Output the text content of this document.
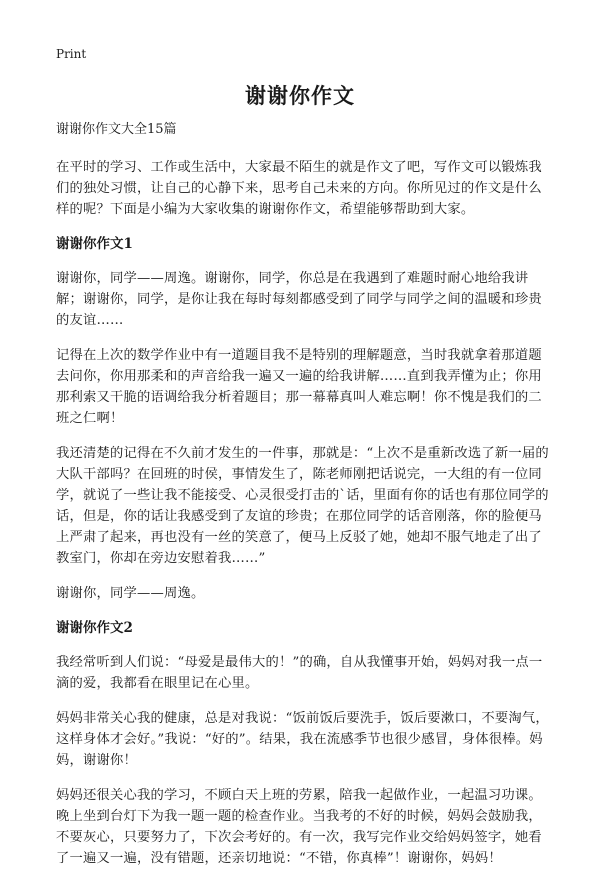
Print
谢谢你作文
谢谢你作文大全15篇

在平时的学习、工作或生活中，大家最不陌生的就是作文了吧，写作文可以锻炼我们的独处习惯，让自己的心静下来，思考自己未来的方向。你所见过的作文是什么样的呢？下面是小编为大家收集的谢谢你作文，希望能够帮助到大家。

谢谢你作文1

谢谢你，同学——周逸。谢谢你，同学，你总是在我遇到了难题时耐心地给我讲解；谢谢你，同学，是你让我在每时每刻都感受到了同学与同学之间的温暖和珍贵的友谊……

记得在上次的数学作业中有一道题目我不是特别的理解题意，当时我就拿着那道题去问你，你用那柔和的声音给我一遍又一遍的给我讲解……直到我弄懂为止；你用那利索又干脆的语调给我分析着题目；那一幕幕真叫人难忘啊！你不愧是我们的二班之仁啊！

我还清楚的记得在不久前才发生的一件事，那就是：“上次不是重新改选了新一届的大队干部吗？在回班的时侯，事情发生了，陈老师刚把话说完，一大组的有一位同学，就说了一些让我不能接受、心灵很受打击的`话，里面有你的话也有那位同学的话，但是，你的话让我感受到了友谊的珍贵；在那位同学的话音刚落，你的脸便马上严肃了起来，再也没有一丝的笑意了，便马上反驳了她，她却不服气地走了出了教室门，你却在旁边安慰着我……”

谢谢你，同学——周逸。

谢谢你作文2

我经常听到人们说：“母爱是最伟大的！”的确，自从我懂事开始，妈妈对我一点一滴的爱，我都看在眼里记在心里。

妈妈非常关心我的健康，总是对我说：“饭前饭后要洗手，饭后要漱口，不要淘气，这样身体才会好。”我说：“好的”。结果，我在流感季节也很少感冒，身体很棒。妈妈，谢谢你！

妈妈还很关心我的学习，不顾白天上班的劳累，陪我一起做作业，一起温习功课。晚上坐到台灯下为我一题一题的检查作业。当我考的不好的时候，妈妈会鼓励我，不要灰心，只要努力了，下次会考好的。有一次，我写完作业交给妈妈签字，她看了一遍又一遍，没有错题，还亲切地说：“不错，你真棒”！谢谢你，妈妈！
